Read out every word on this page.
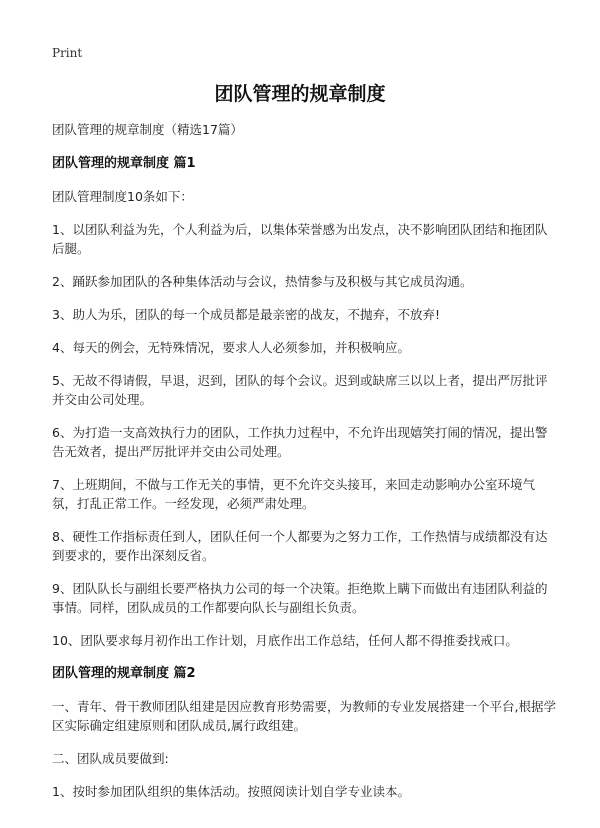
Print
团队管理的规章制度

团队管理的规章制度（精选17篇）

团队管理的规章制度 篇1

团队管理制度10条如下：

1、以团队利益为先，个人利益为后，以集体荣誉感为出发点，决不影响团队团结和拖团队后腿。

2、踊跃参加团队的各种集体活动与会议，热情参与及积极与其它成员沟通。

3、助人为乐，团队的每一个成员都是最亲密的战友，不抛弃，不放弃!

4、每天的例会，无特殊情况，要求人人必须参加，并积极响应。

5、无故不得请假，早退，迟到，团队的每个会议。迟到或缺席三以以上者，提出严厉批评并交由公司处理。

6、为打造一支高效执行力的团队，工作执力过程中，不允许出现嬉笑打闹的情况，提出警告无效者，提出严厉批评并交由公司处理。

7、上班期间，不做与工作无关的事情，更不允许交头接耳，来回走动影响办公室环境气氛，打乱正常工作。一经发现，必须严肃处理。

8、硬性工作指标责任到人，团队任何一个人都要为之努力工作，工作热情与成绩都没有达到要求的，要作出深刻反省。

9、团队队长与副组长要严格执力公司的每一个决策。拒绝欺上瞒下而做出有违团队利益的事情。同样，团队成员的工作都要向队长与副组长负责。

10、团队要求每月初作出工作计划，月底作出工作总结，任何人都不得推委找戒口。

团队管理的规章制度 篇2

一、青年、骨干教师团队组建是因应教育形势需要，为教师的专业发展搭建一个平台,根据学区实际确定组建原则和团队成员,属行政组建。

二、团队成员要做到:

1、按时参加团队组织的集体活动。按照阅读计划自学专业读本。
